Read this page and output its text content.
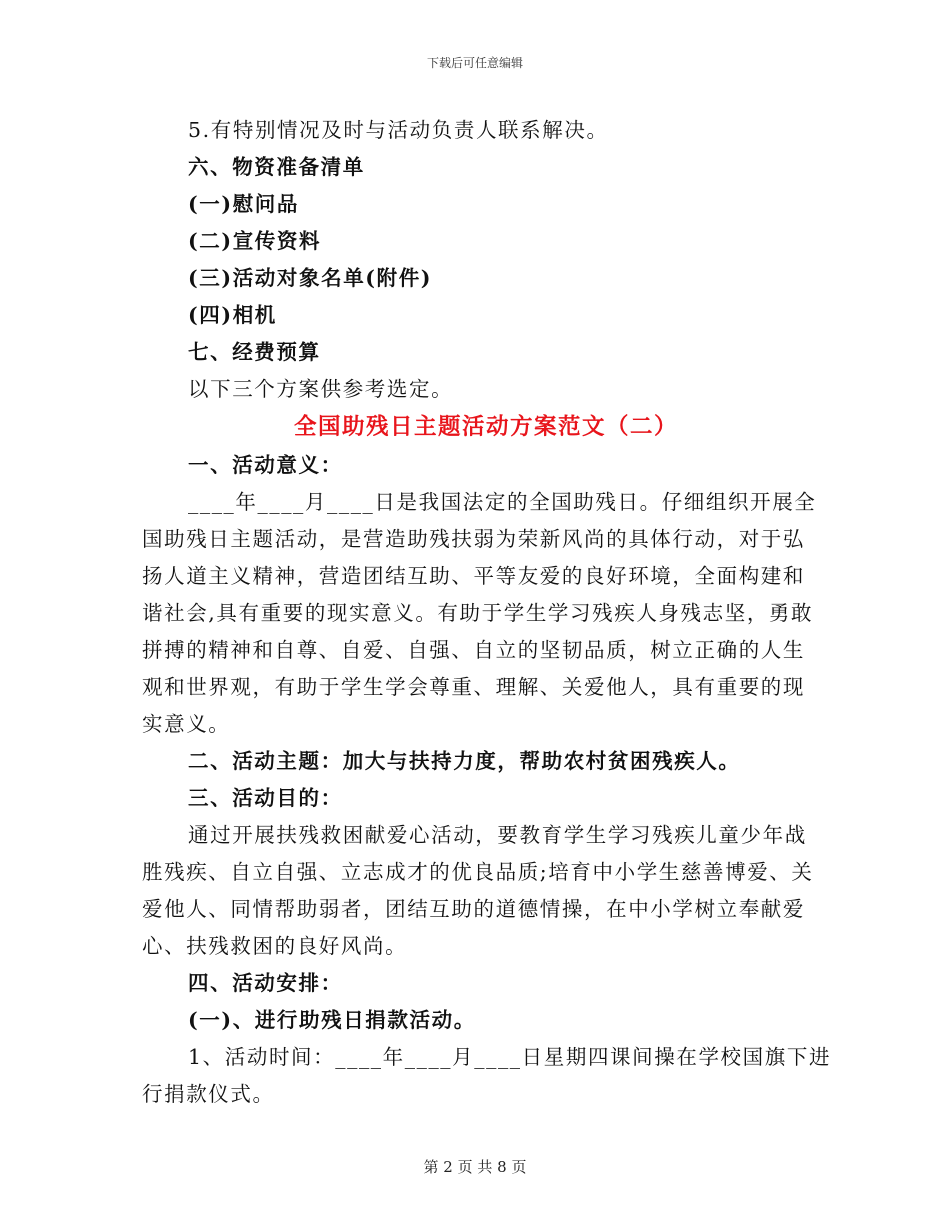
下载后可任意编辑
5.有特别情况及时与活动负责人联系解决。
六、物资准备清单
(一)慰问品
(二)宣传资料
(三)活动对象名单(附件)
(四)相机
七、经费预算
以下三个方案供参考选定。
全国助残日主题活动方案范文（二）
一、活动意义：
____年____月____日是我国法定的全国助残日。仔细组织开展全
国助残日主题活动，是营造助残扶弱为荣新风尚的具体行动，对于弘
扬人道主义精神，营造团结互助、平等友爱的良好环境，全面构建和
谐社会,具有重要的现实意义。有助于学生学习残疾人身残志坚，勇敢
拼搏的精神和自尊、自爱、自强、自立的坚韧品质，树立正确的人生
观和世界观，有助于学生学会尊重、理解、关爱他人，具有重要的现
实意义。
二、活动主题：加大与扶持力度，帮助农村贫困残疾人。
三、活动目的：
通过开展扶残救困献爱心活动，要教育学生学习残疾儿童少年战
胜残疾、自立自强、立志成才的优良品质;培育中小学生慈善博爱、关
爱他人、同情帮助弱者，团结互助的道德情操，在中小学树立奉献爱
心、扶残救困的良好风尚。
四、活动安排：
(一)、进行助残日捐款活动。
1、活动时间：____年____月____日星期四课间操在学校国旗下进
行捐款仪式。
第 2 页 共 8 页
